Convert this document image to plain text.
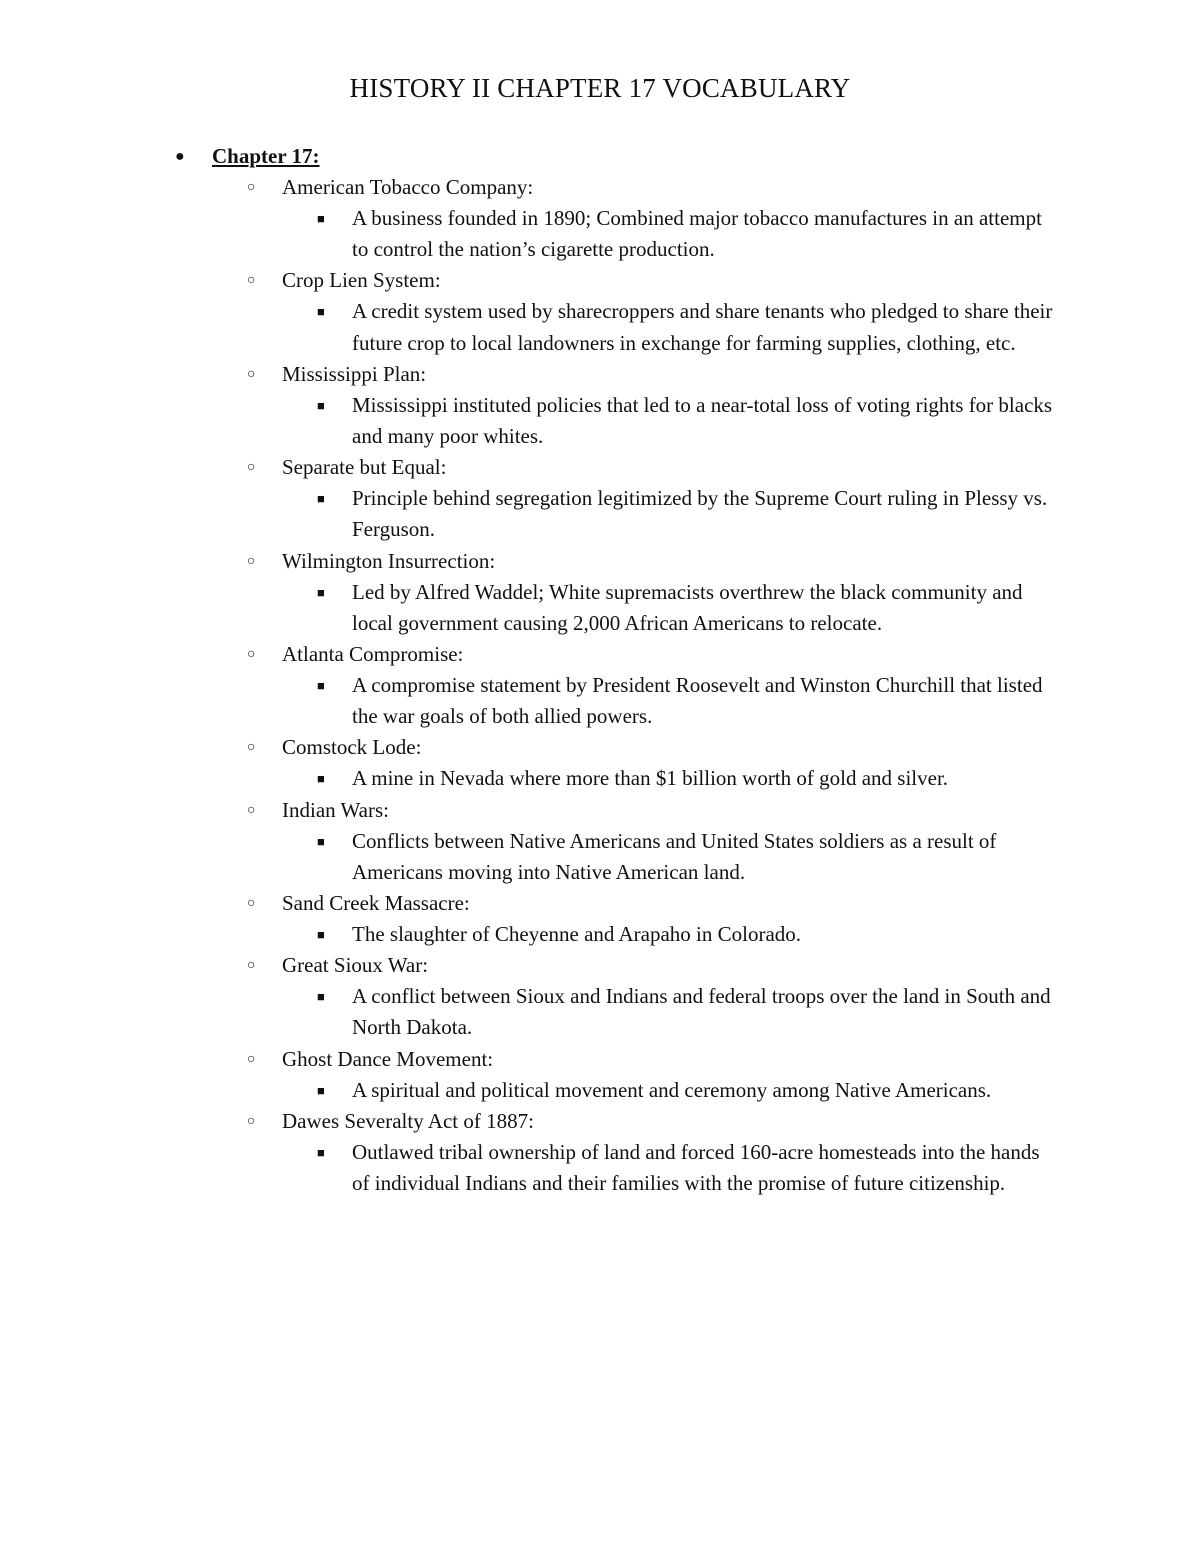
HISTORY II CHAPTER 17 VOCABULARY
●	Chapter 17:
○	American Tobacco Company:
■	A business founded in 1890; Combined major tobacco manufactures in an attempt to control the nation’s cigarette production.
○	Crop Lien System:
■	A credit system used by sharecroppers and share tenants who pledged to share their future crop to local landowners in exchange for farming supplies, clothing, etc.
○	Mississippi Plan:
■	Mississippi instituted policies that led to a near-total loss of voting rights for blacks and many poor whites.
○	Separate but Equal:
■	Principle behind segregation legitimized by the Supreme Court ruling in Plessy vs. Ferguson.
○	Wilmington Insurrection:
■	Led by Alfred Waddel; White supremacists overthrew the black community and local government causing 2,000 African Americans to relocate.
○	Atlanta Compromise:
■	A compromise statement by President Roosevelt and Winston Churchill that listed the war goals of both allied powers.
○	Comstock Lode:
■	A mine in Nevada where more than $1 billion worth of gold and silver.
○	Indian Wars:
■	Conflicts between Native Americans and United States soldiers as a result of Americans moving into Native American land.
○	Sand Creek Massacre:
■	The slaughter of Cheyenne and Arapaho in Colorado.
○	Great Sioux War:
■	A conflict between Sioux and Indians and federal troops over the land in South and North Dakota.
○	Ghost Dance Movement:
■	A spiritual and political movement and ceremony among Native Americans.
○	Dawes Severalty Act of 1887:
■	Outlawed tribal ownership of land and forced 160-acre homesteads into the hands of individual Indians and their families with the promise of future citizenship.
